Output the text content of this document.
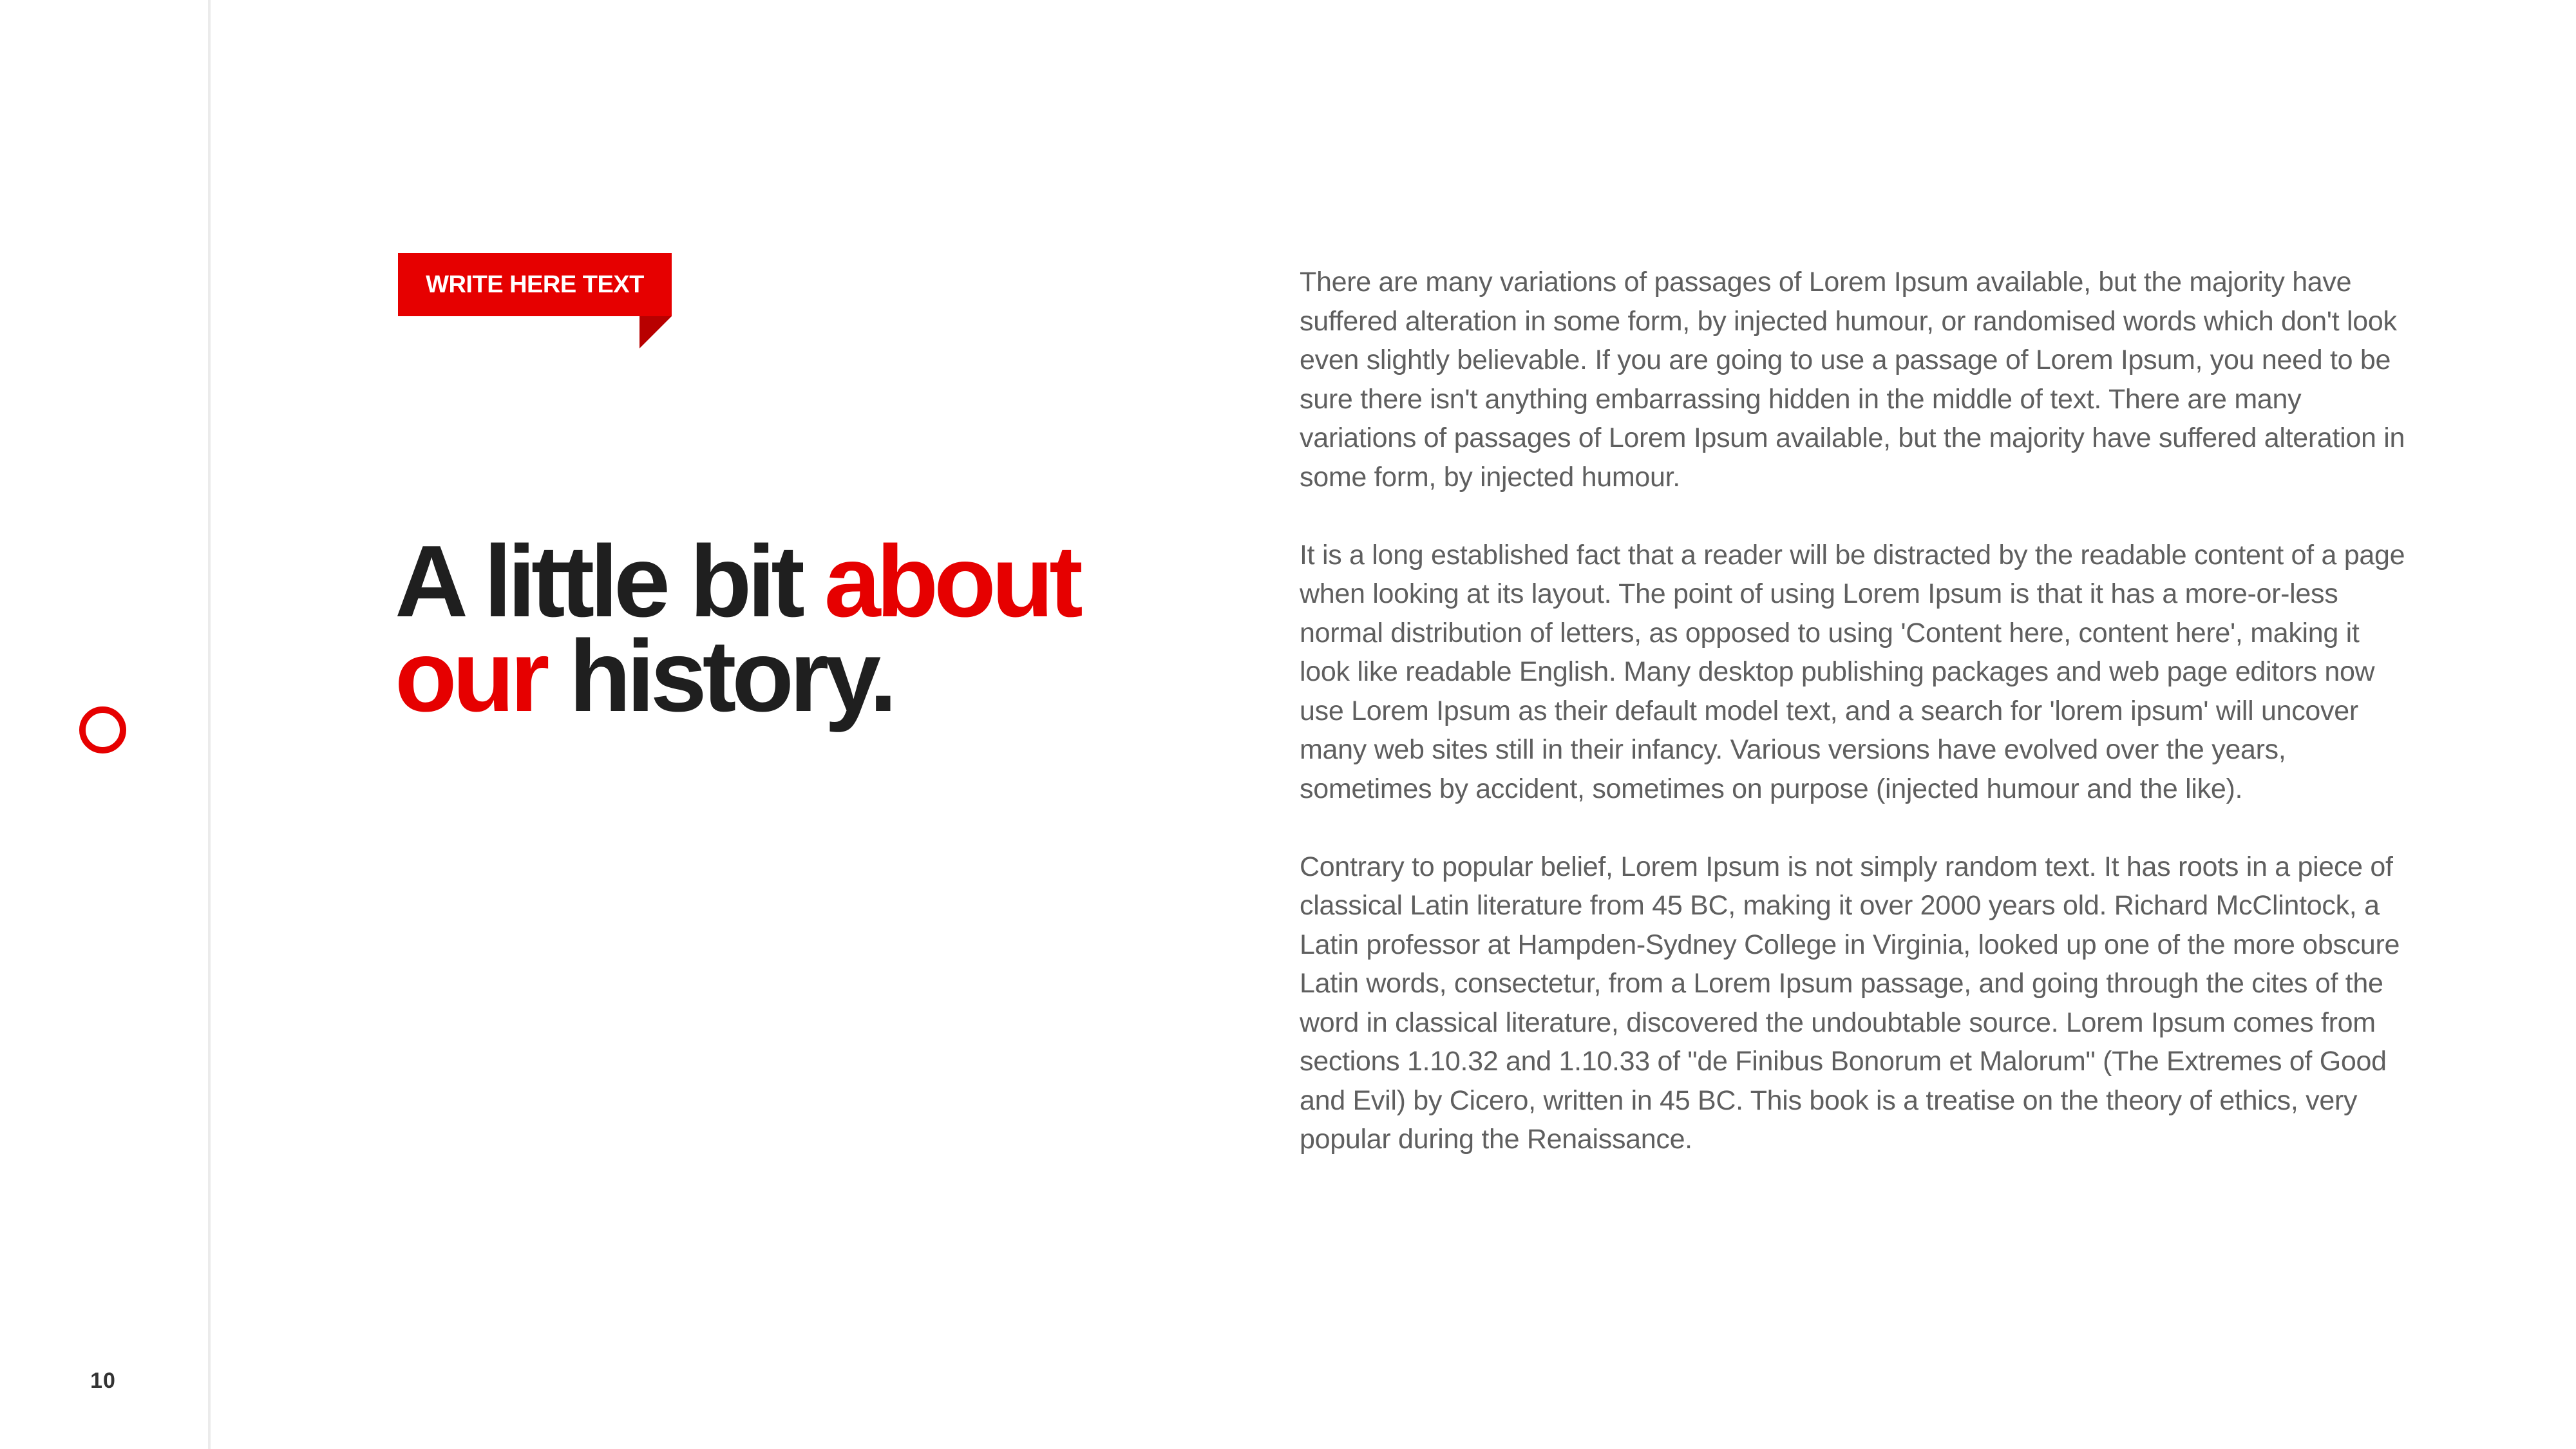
10
WRITE HERE TEXT
A little bit about
our history.

There are many variations of passages of Lorem Ipsum available, but the majority have suffered alteration in some form, by injected humour, or randomised words which don't look even slightly believable. If you are going to use a passage of Lorem Ipsum, you need to be sure there isn't anything embarrassing hidden in the middle of text. There are many variations of passages of Lorem Ipsum available, but the majority have suffered alteration in some form, by injected humour.

It is a long established fact that a reader will be distracted by the readable content of a page when looking at its layout. The point of using Lorem Ipsum is that it has a more-or-less normal distribution of letters, as opposed to using 'Content here, content here', making it look like readable English. Many desktop publishing packages and web page editors now use Lorem Ipsum as their default model text, and a search for 'lorem ipsum' will uncover many web sites still in their infancy. Various versions have evolved over the years, sometimes by accident, sometimes on purpose (injected humour and the like).

Contrary to popular belief, Lorem Ipsum is not simply random text. It has roots in a piece of classical Latin literature from 45 BC, making it over 2000 years old. Richard McClintock, a Latin professor at Hampden-Sydney College in Virginia, looked up one of the more obscure Latin words, consectetur, from a Lorem Ipsum passage, and going through the cites of the word in classical literature, discovered the undoubtable source. Lorem Ipsum comes from sections 1.10.32 and 1.10.33 of "de Finibus Bonorum et Malorum" (The Extremes of Good and Evil) by Cicero, written in 45 BC. This book is a treatise on the theory of ethics, very popular during the Renaissance.
